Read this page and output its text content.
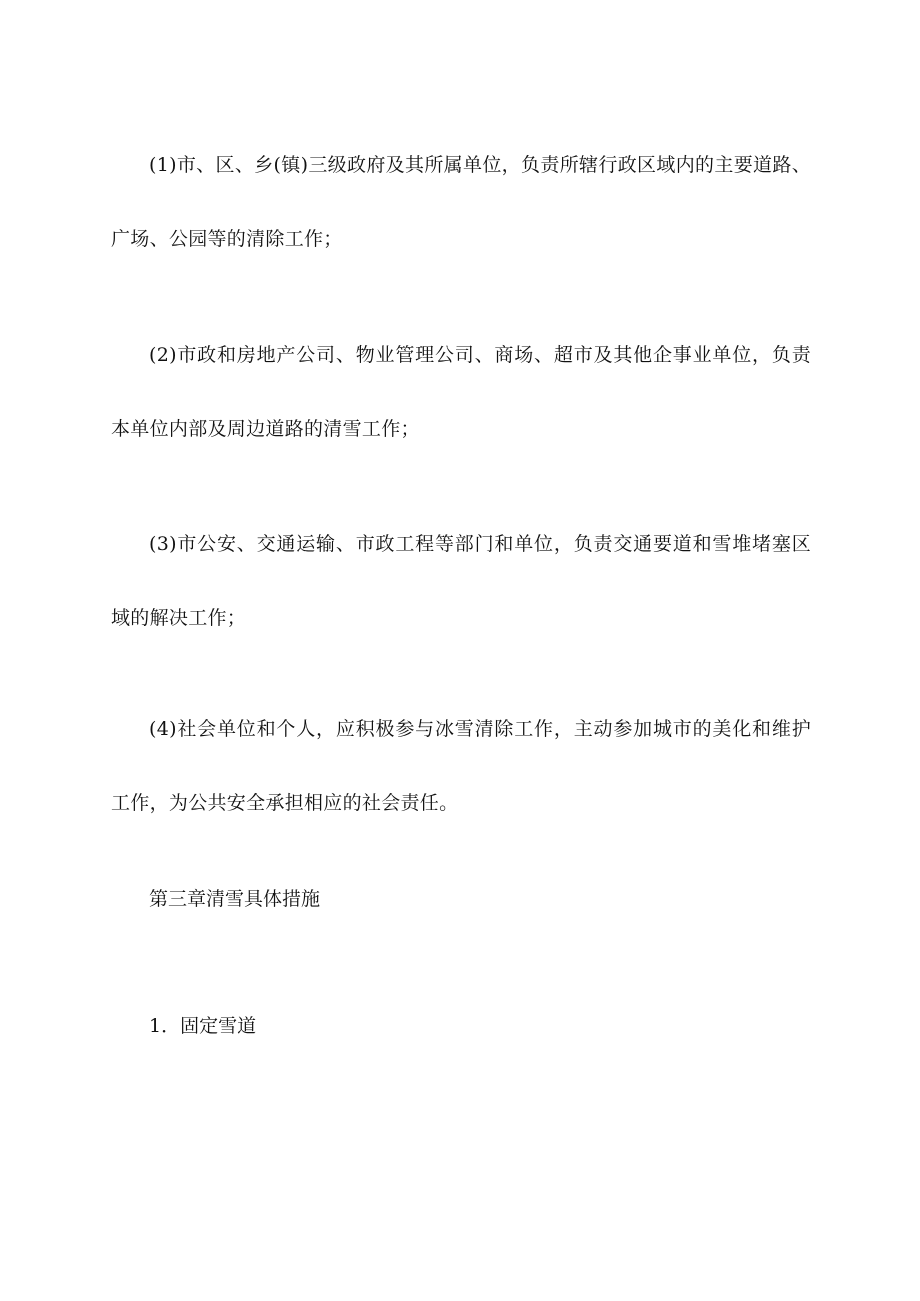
(1)市、区、乡(镇)三级政府及其所属单位，负责所辖行政区域内的主要道路、广场、公园等的清除工作；

(2)市政和房地产公司、物业管理公司、商场、超市及其他企事业单位，负责本单位内部及周边道路的清雪工作；

(3)市公安、交通运输、市政工程等部门和单位，负责交通要道和雪堆堵塞区域的解决工作；

(4)社会单位和个人，应积极参与冰雪清除工作，主动参加城市的美化和维护工作，为公共安全承担相应的社会责任。

第三章清雪具体措施

1．固定雪道
